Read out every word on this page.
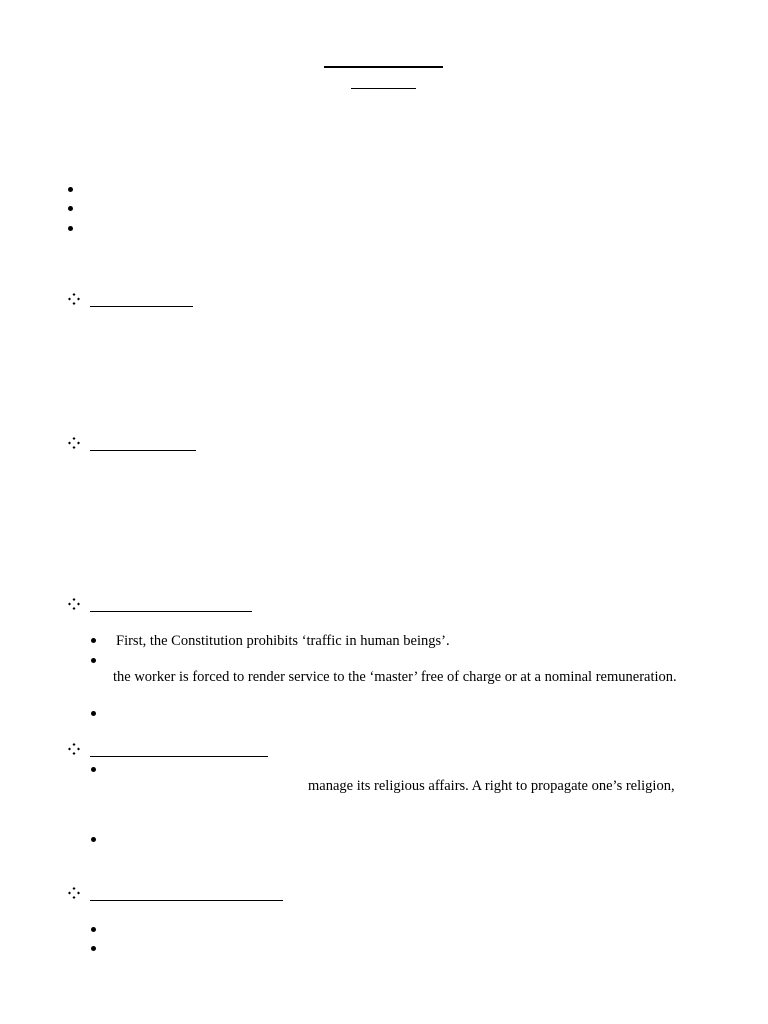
First, the Constitution prohibits ‘traffic in human beings’.
the worker is forced to render service to the ‘master’ free of charge or at a nominal remuneration.
manage its religious affairs. A right to propagate one’s religion,
